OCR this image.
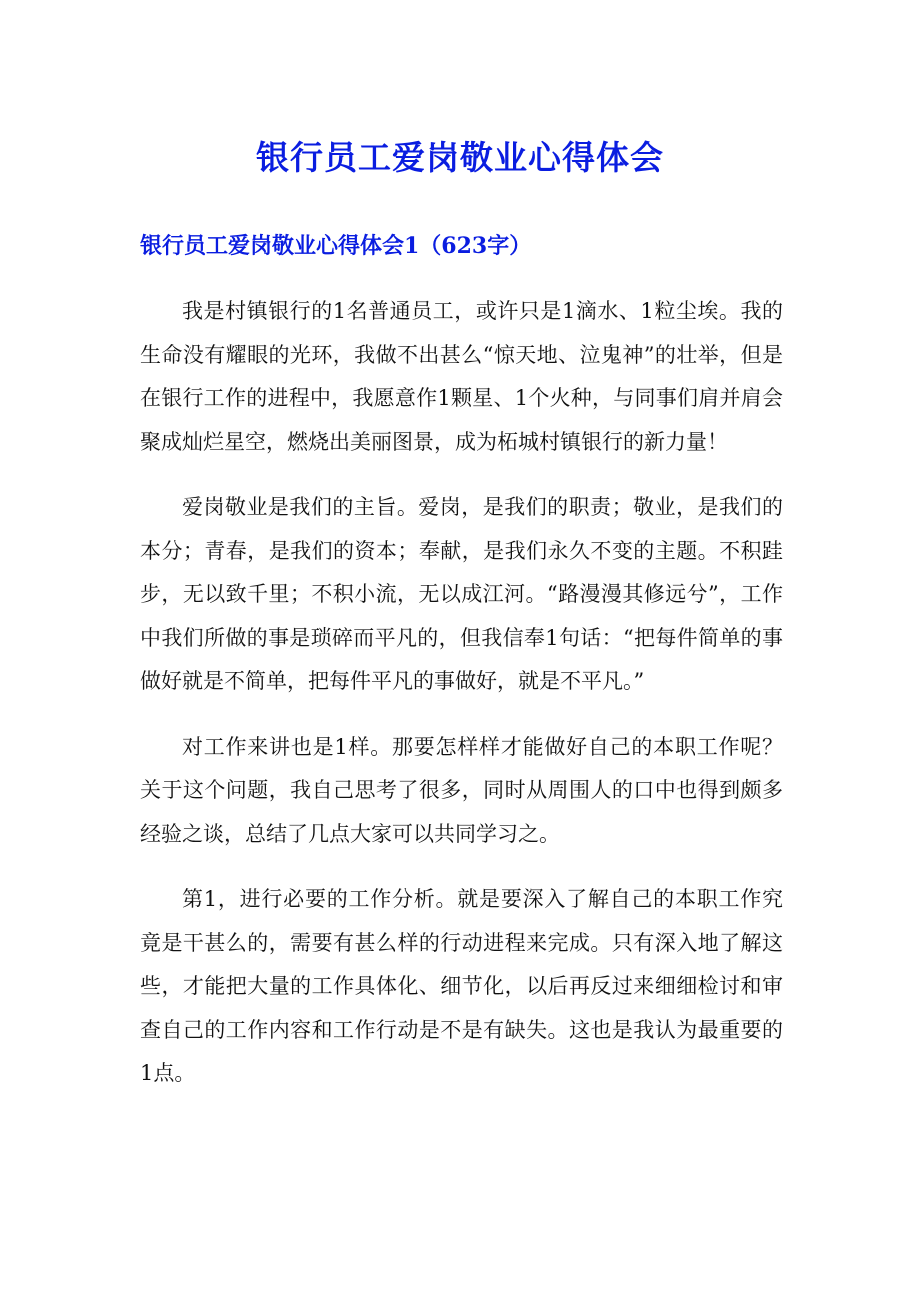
银行员工爱岗敬业心得体会
银行员工爱岗敬业心得体会1（623字）

我是村镇银行的1名普通员工，或许只是1滴水、1粒尘埃。我的生命没有耀眼的光环，我做不出甚么“惊天地、泣鬼神”的壮举，但是在银行工作的进程中，我愿意作1颗星、1个火种，与同事们肩并肩会聚成灿烂星空，燃烧出美丽图景，成为柘城村镇银行的新力量！

爱岗敬业是我们的主旨。爱岗，是我们的职责；敬业，是我们的本分；青春，是我们的资本；奉献，是我们永久不变的主题。不积跬步，无以致千里；不积小流，无以成江河。“路漫漫其修远兮”，工作中我们所做的事是琐碎而平凡的，但我信奉1句话：“把每件简单的事做好就是不简单，把每件平凡的事做好，就是不平凡。”

对工作来讲也是1样。那要怎样样才能做好自己的本职工作呢？关于这个问题，我自己思考了很多，同时从周围人的口中也得到颇多经验之谈，总结了几点大家可以共同学习之。

第1，进行必要的工作分析。就是要深入了解自己的本职工作究竟是干甚么的，需要有甚么样的行动进程来完成。只有深入地了解这些，才能把大量的工作具体化、细节化，以后再反过来细细检讨和审查自己的工作内容和工作行动是不是有缺失。这也是我认为最重要的1点。
